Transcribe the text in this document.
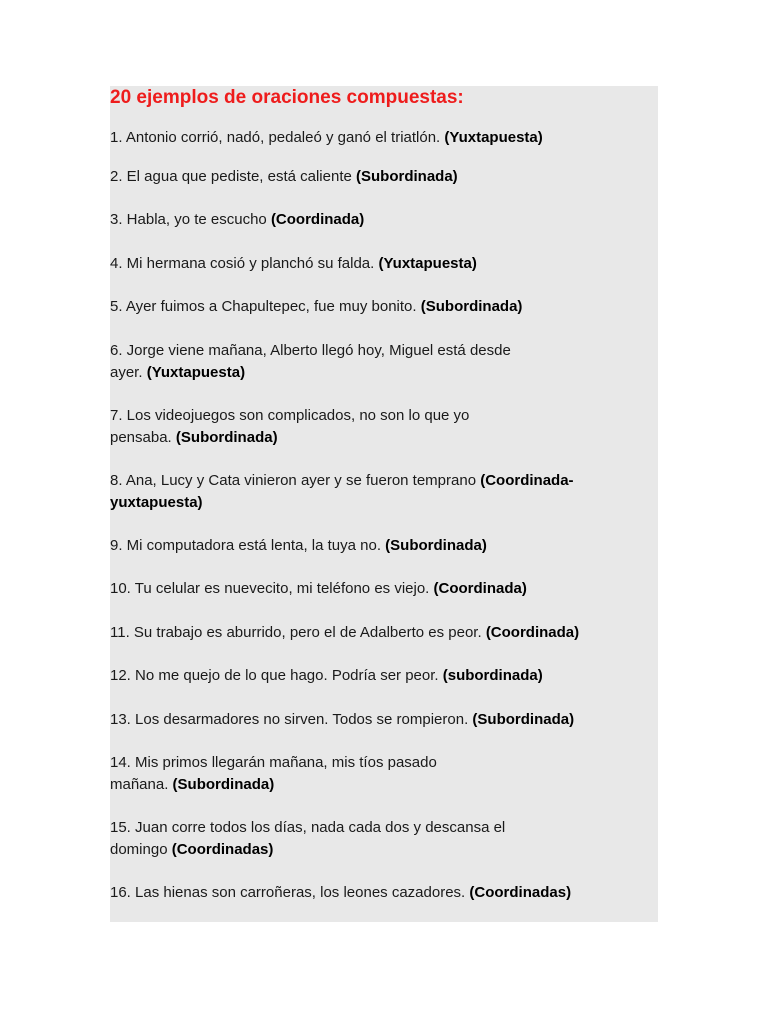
20 ejemplos de oraciones compuestas:
1. Antonio corrió, nadó, pedaleó y ganó el triatlón. (Yuxtapuesta)
2. El agua que pediste, está caliente (Subordinada)
3. Habla, yo te escucho (Coordinada)
4. Mi hermana cosió y planchó su falda. (Yuxtapuesta)
5. Ayer fuimos a Chapultepec, fue muy bonito. (Subordinada)
6. Jorge viene mañana, Alberto llegó hoy, Miguel está desde
ayer. (Yuxtapuesta)
7. Los videojuegos son complicados, no son lo que yo
pensaba. (Subordinada)
8. Ana, Lucy y Cata vinieron ayer y se fueron temprano (Coordinada-
yuxtapuesta)
9. Mi computadora está lenta, la tuya no. (Subordinada)
10. Tu celular es nuevecito, mi teléfono es viejo. (Coordinada)
11. Su trabajo es aburrido, pero el de Adalberto es peor. (Coordinada)
12. No me quejo de lo que hago. Podría ser peor. (subordinada)
13. Los desarmadores no sirven. Todos se rompieron. (Subordinada)
14. Mis primos llegarán mañana, mis tíos pasado
mañana. (Subordinada)
15. Juan corre todos los días, nada cada dos y descansa el
domingo (Coordinadas)
16. Las hienas son carroñeras, los leones cazadores. (Coordinadas)
